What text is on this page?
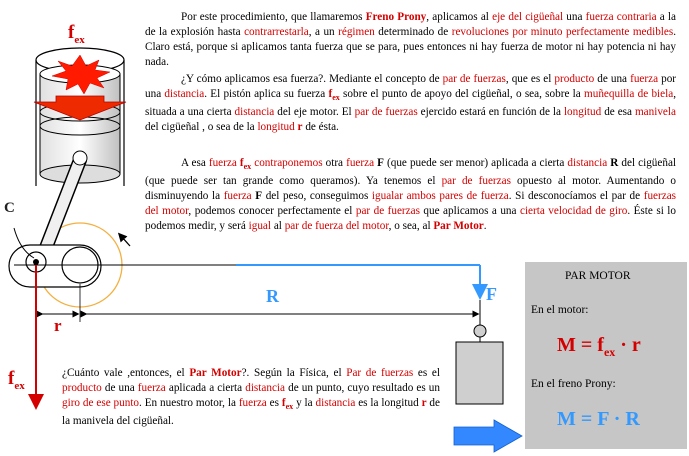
$f_{ex}$
C
R	F
r
$f_{ex}$

Por este procedimiento, que llamaremos Freno Prony, aplicamos al eje del cigüeñal una fuerza contraria a la de la explosión hasta contrarrestarla, a un régimen determinado de revoluciones por minuto perfectamente medibles. Claro está, porque si aplicamos tanta fuerza que se para, pues entonces ni hay fuerza de motor ni hay potencia ni hay nada.

¿Y cómo aplicamos esa fuerza?. Mediante el concepto de par de fuerzas, que es el producto de una fuerza por una distancia. El pistón aplica su fuerza $f_{ex}$ sobre el punto de apoyo del cigüeñal, o sea, sobre la muñequilla de biela, situada a una cierta distancia del eje motor. El par de fuerzas ejercido estará en función de la longitud de esa manivela del cigüeñal , o sea de la longitud r de ésta.

A esa fuerza $f_{ex}$ contraponemos otra fuerza F (que puede ser menor) aplicada a cierta distancia R del cigüeñal (que puede ser tan grande como queramos). Ya tenemos el par de fuerzas opuesto al motor. Aumentando o disminuyendo la fuerza F del peso, conseguimos igualar ambos pares de fuerza. Si desconocíamos el par de fuerzas del motor, podemos conocer perfectamente el par de fuerzas que aplicamos a una cierta velocidad de giro. Éste si lo podemos medir, y será igual al par de fuerza del motor, o sea, al Par Motor.

¿Cuánto vale ,entonces, el Par Motor?. Según la Física, el Par de fuerzas es el producto de una fuerza aplicada a cierta distancia de un punto, cuyo resultado es un giro de ese punto. En nuestro motor, la fuerza es $f_{ex}$ y la distancia es la longitud r de la manivela del cigüeñal.

PAR MOTOR
En el motor:
$M = f_{ex} \cdot r$
En el freno Prony:
M = F · R
